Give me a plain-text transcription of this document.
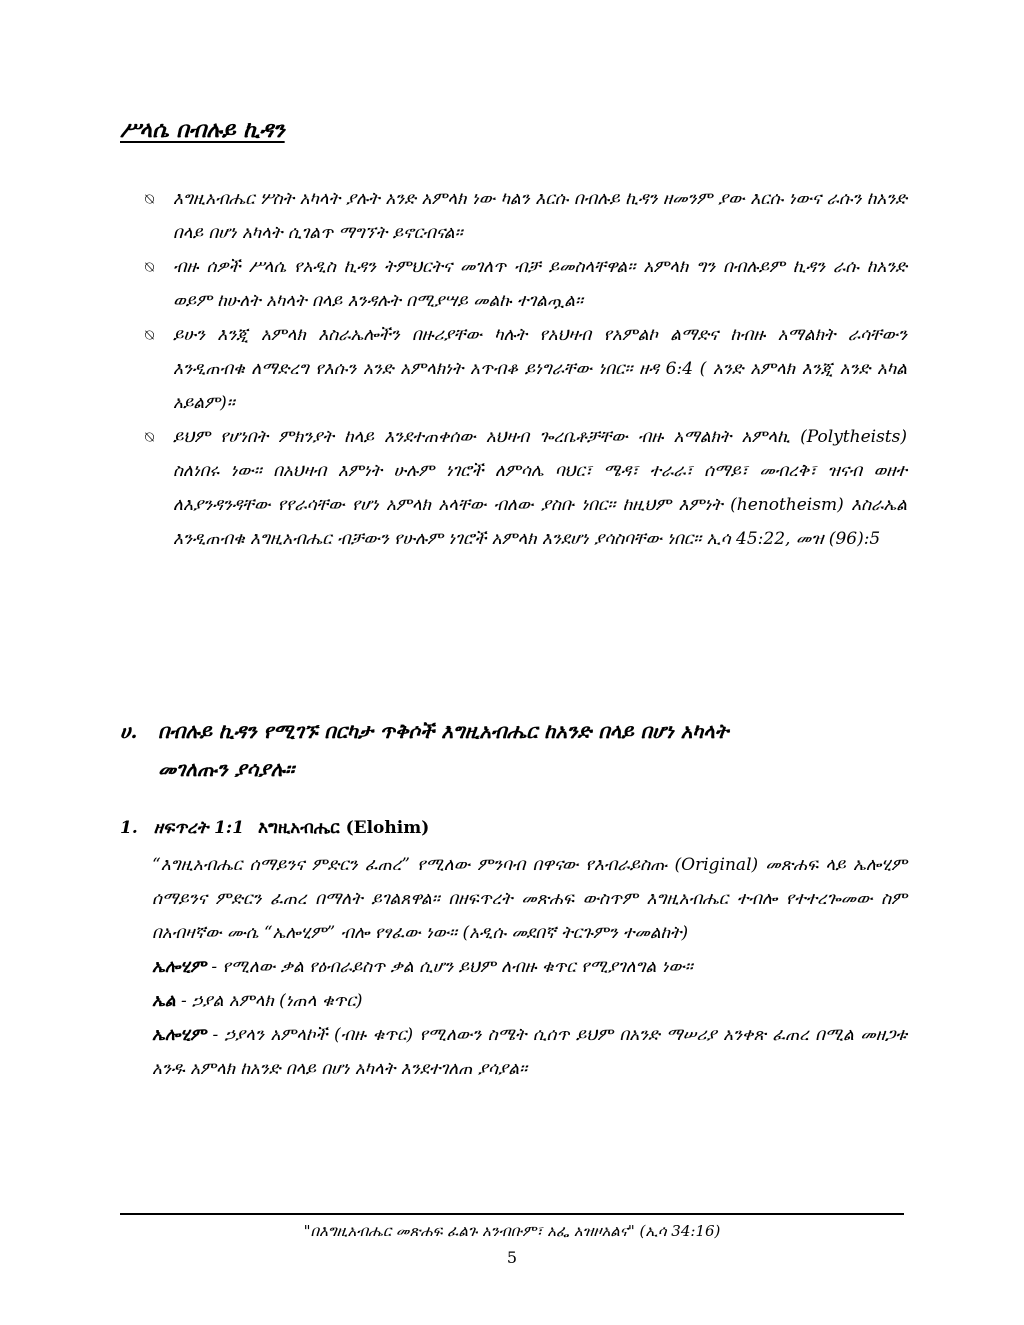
ሥላሴ በብሉይ ኪዳን
⍉ እግዚአብሔር ሦስት አካላት ያሉት አንድ አምላክ ነው ካልን እርሱ በብሉይ ኪዳን ዘመንም ያው እርሱ ነውና ራሱን ከአንድ በላይ በሆነ አካላት ሲገልጥ ማግኘት ይኖርብናል፡፡
⍉ ብዙ ሰዎች ሥላሴ የአዲስ ኪዳን ትምህርትና መገለጥ ብቻ ይመስላቸዋል፡፡ አምላክ ግን በብሉይም ኪዳን ራሱ ከአንድ ወይም ከሁለት አካላት በላይ እንዳሉት በሚያሣይ መልኩ ተገልጧል፡፡
⍉ ይሁን እንጂ አምላክ እስራኤሎችን በዙሪያቸው ካሉት የአህዛብ የአምልኮ ልማድና ከብዙ አማልክት ራሳቸውን እንዲጠብቁ ለማድረግ የእሱን አንድ አምላክነት አጥብቆ ይነግራቸው ነበር፡፡ ዘዳ 6:4 ( አንድ አምላክ እንጂ አንድ አካል አይልም)፡፡
⍉ ይህም የሆነበት ምክንያት ከላይ እንደተጠቀሰው አህዛብ ጐረቤቶቻቸው ብዙ አማልክት አምላኪ (Polytheists) ስለነበሩ ነው፡፡ በአህዛብ እምነት ሁሉም ነገሮች ለምሳሌ ባህር፣ ሜዳ፣ ተራራ፣ ሰማይ፣ መብረቅ፣ ዝናብ ወዘተ ለእያንዳንዳቸው የየራሳቸው የሆነ አምላክ አላቸው ብለው ያስቡ ነበር፡፡ ከዚህም እምነት (henotheism) እስራኤል እንዲጠብቁ እግዚአብሔር ብቻውን የሁሉም ነገሮች አምላክ እንደሆነ ያሳስባቸው ነበር፡፡ ኢሳ 45:22, መዝ (96):5
ሀ. በብሉይ ኪዳን የሚገኙ በርካታ ጥቅሶች እግዚአብሔር ከአንድ በላይ በሆነ አካላት
መገለጡን ያሳያሉ፡፡
1. ዘፍጥረት 1:1 እግዚአብሔር (Elohim)

“እግዚአብሔር ሰማይንና ምድርን ፈጠረ” የሚለው ምንባብ በዋናው የእብራይስጡ (Original) መጽሐፍ ላይ ኤሎሂም ሰማይንና ምድርን ፈጠረ በማለት ይገልጸዋል፡፡ በዘፍጥረት መጽሐፍ ውስጥም እግዚአብሔር ተብሎ የተተረጐመው ስም በአብዛኛው ሙሴ “ኤሎሂም” ብሎ የፃፈው ነው፡፡ (አዲሱ መደበኛ ትርጉምን ተመልከት)

ኤሎሂም - የሚለው ቃል የዕብራይስጥ ቃል ሲሆን ይህም ለብዙ ቁጥር የሚያገለግል ነው፡፡

ኤል - ኃያል አምላክ (ነጠላ ቁጥር)

ኤሎሂም - ኃያላን አምላኮች (ብዙ ቁጥር) የሚለውን ስሜት ሲሰጥ ይህም በአንድ ማሠሪያ አንቀጽ ፈጠረ በሚል መዘጋቱ አንዱ አምላክ ከአንድ በላይ በሆነ አካላት እንደተገለጠ ያሳያል፡፡

"በእግዚአብሔር መጽሐፍ ፈልጉ አንብቡም፣ አፌ አዝዞአልና" (ኢሳ 34:16)
5
